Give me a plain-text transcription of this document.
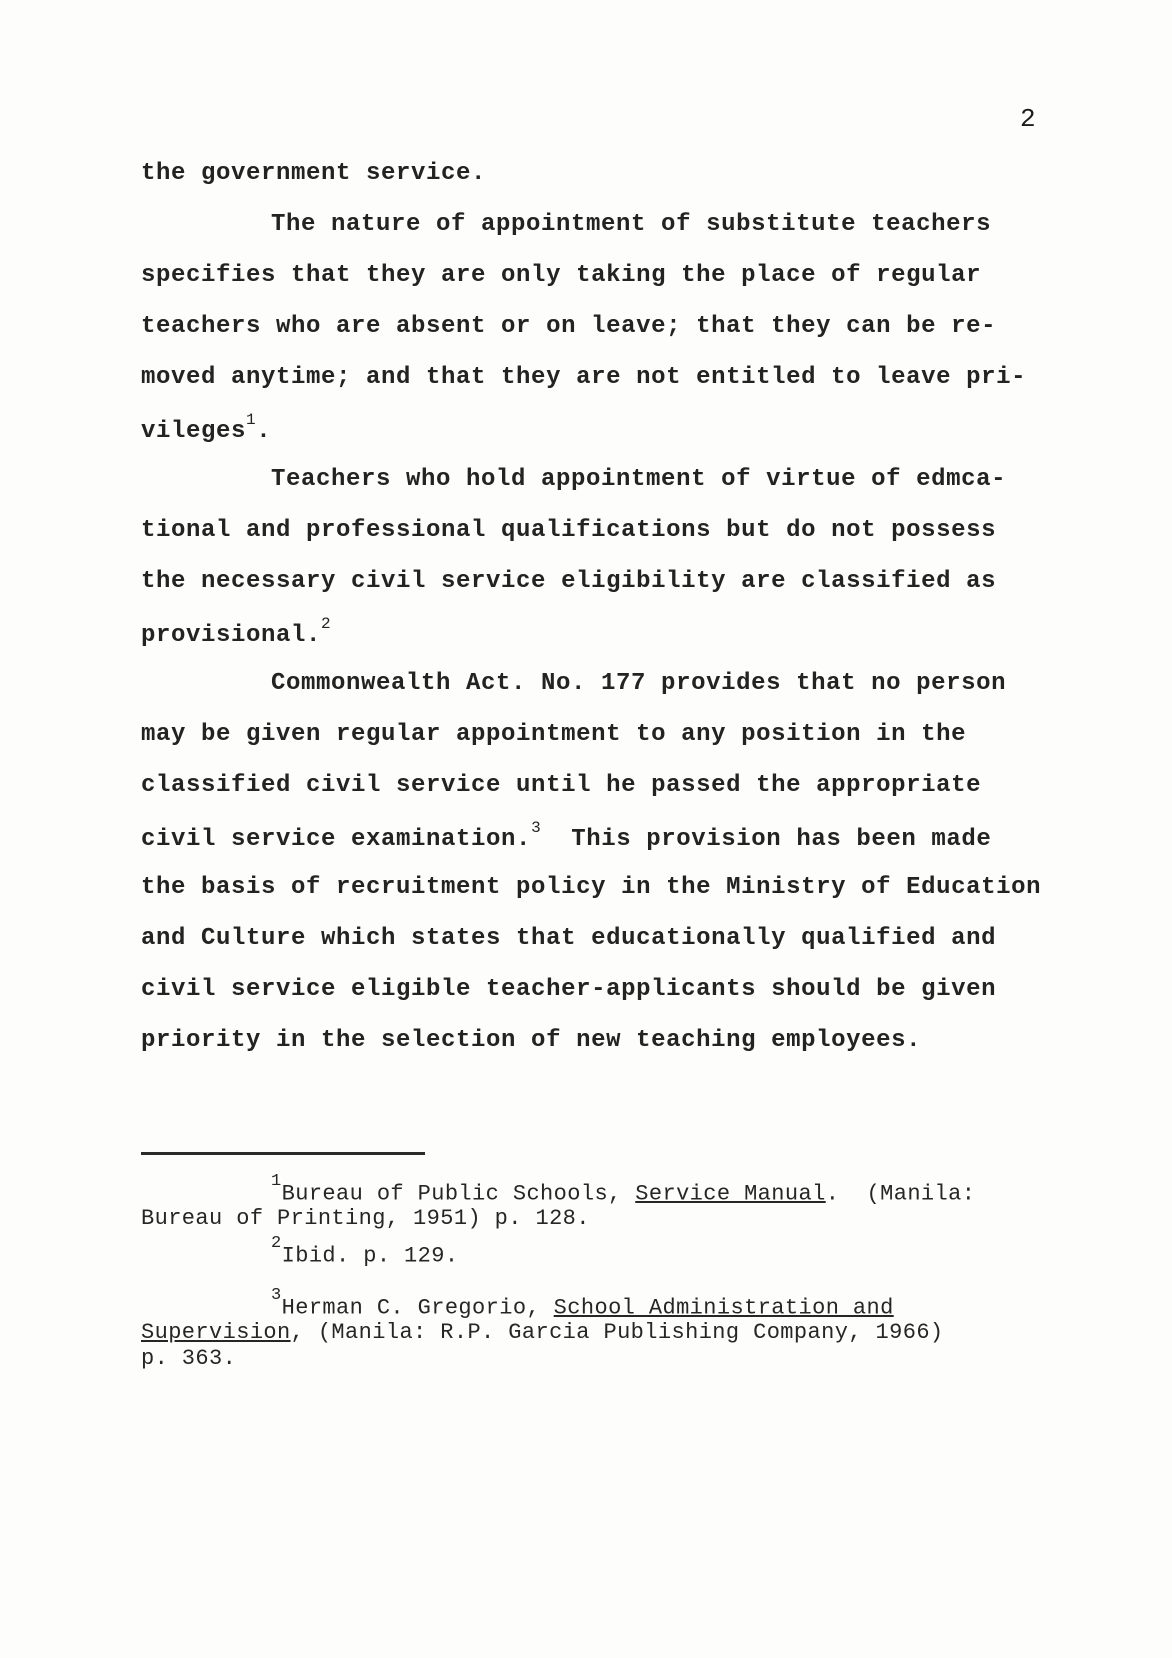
2
the government service.
The nature of appointment of substitute teachers
specifies that they are only taking the place of regular
teachers who are absent or on leave; that they can be re-
moved anytime; and that they are not entitled to leave pri-
vileges$^1$.
Teachers who hold appointment of virtue of edmca-
tional and professional qualifications but do not possess
the necessary civil service eligibility are classified as
provisional.$^2$
Commonwealth Act. No. 177 provides that no person
may be given regular appointment to any position in the
classified civil service until he passed the appropriate
civil service examination.$^3$ This provision has been made
the basis of recruitment policy in the Ministry of Education
and Culture which states that educationally qualified and
civil service eligible teacher-applicants should be given
priority in the selection of new teaching employees.
$^1$Bureau of Public Schools, Service Manual.  (Manila:
Bureau of Printing, 1951) p. 128.
$^2$Ibid. p. 129.
$^3$Herman C. Gregorio, School Administration and
Supervision, (Manila: R.P. Garcia Publishing Company, 1966)
p. 363.
